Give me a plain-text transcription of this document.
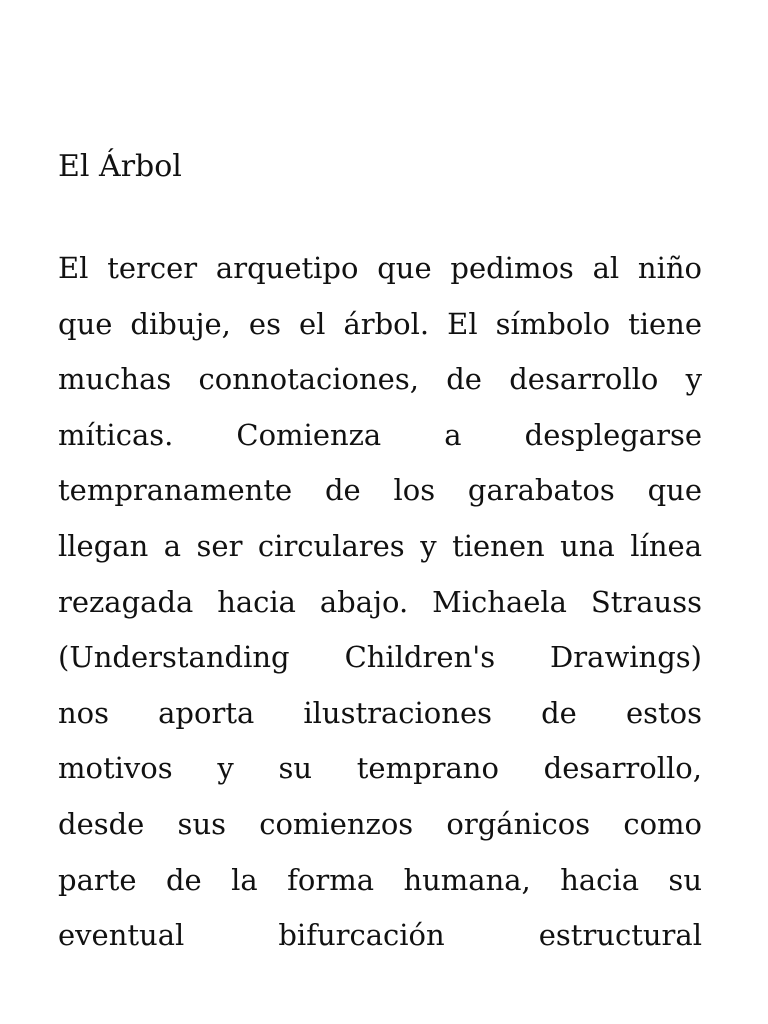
El Árbol
El tercer arquetipo que pedimos al niño
que dibuje, es el árbol. El símbolo tiene
muchas connotaciones, de desarrollo y
míticas. Comienza a desplegarse
tempranamente de los garabatos que
llegan a ser circulares y tienen una línea
rezagada hacia abajo. Michaela Strauss
(Understanding Children's Drawings)
nos aporta ilustraciones de estos
motivos y su temprano desarrollo,
desde sus comienzos orgánicos como
parte de la forma humana, hacia su
eventual bifurcación estructural
